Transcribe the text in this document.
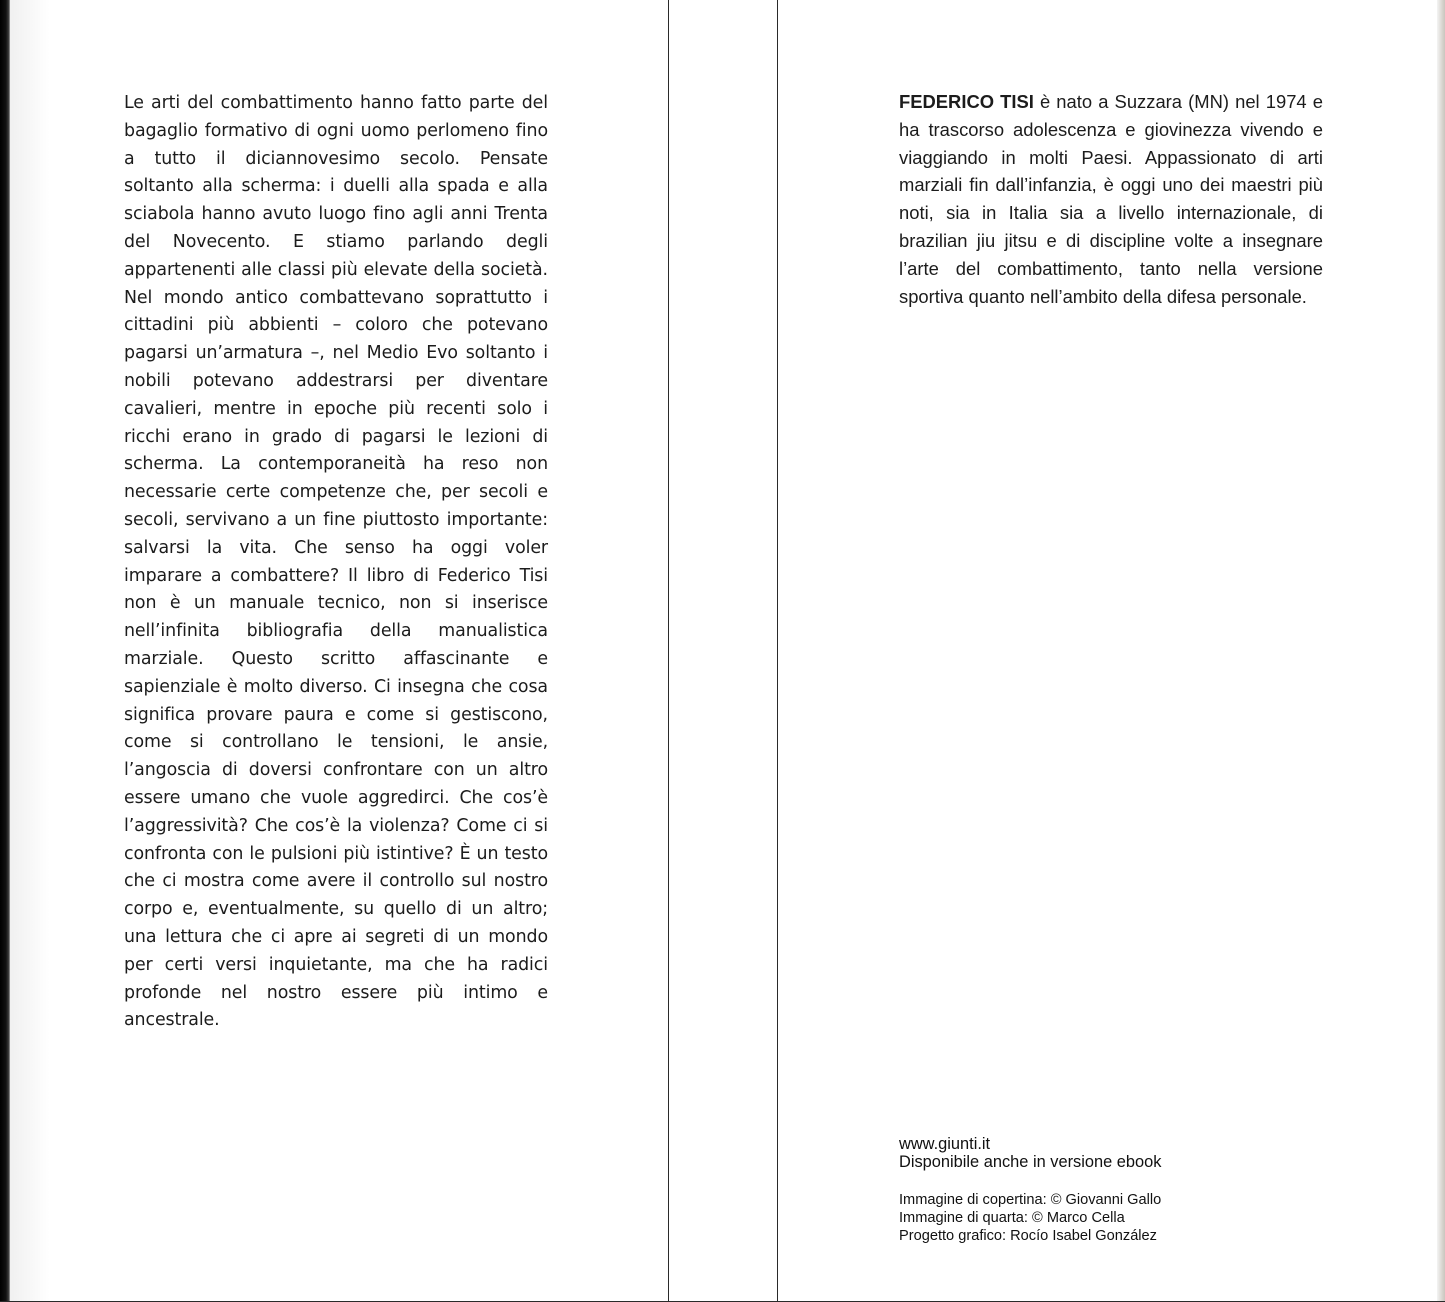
Le arti del combattimento hanno fatto parte del bagaglio formativo di ogni uomo perlomeno fino a tutto il diciannovesimo secolo. Pensate soltanto alla scherma: i duelli alla spada e alla sciabola hanno avuto luogo fino agli anni Trenta del Novecento. E stiamo parlando degli appartenenti alle classi più elevate della società. Nel mondo antico combattevano soprattutto i cittadini più abbienti – coloro che potevano pagarsi un’armatura –, nel Medio Evo soltanto i nobili potevano addestrarsi per diventare cavalieri, mentre in epoche più recenti solo i ricchi erano in grado di pagarsi le lezioni di scherma. La contemporaneità ha reso non necessarie certe competenze che, per secoli e secoli, servivano a un fine piuttosto importante: salvarsi la vita. Che senso ha oggi voler imparare a combattere? Il libro di Federico Tisi non è un manuale tecnico, non si inserisce nell’infinita bibliografia della manualistica marziale. Questo scritto affascinante e sapienziale è molto diverso. Ci insegna che cosa significa provare paura e come si gestiscono, come si controllano le tensioni, le ansie, l’angoscia di doversi confrontare con un altro essere umano che vuole aggredirci. Che cos’è l’aggressività? Che cos’è la violenza? Come ci si confronta con le pulsioni più istintive? È un testo che ci mostra come avere il controllo sul nostro corpo e, eventualmente, su quello di un altro; una lettura che ci apre ai segreti di un mondo per certi versi inquietante, ma che ha radici profonde nel nostro essere più intimo e ancestrale.

FEDERICO TISI è nato a Suzzara (MN) nel 1974 e ha trascorso adolescenza e giovinezza vivendo e viaggiando in molti Paesi. Appassionato di arti marziali fin dall’infanzia, è oggi uno dei maestri più noti, sia in Italia sia a livello internazionale, di brazilian jiu jitsu e di discipline volte a insegnare l’arte del combattimento, tanto nella versione sportiva quanto nell’ambito della difesa personale.

www.giunti.it
Disponibile anche in versione ebook

Immagine di copertina: © Giovanni Gallo
Immagine di quarta: © Marco Cella
Progetto grafico: Rocío Isabel González
